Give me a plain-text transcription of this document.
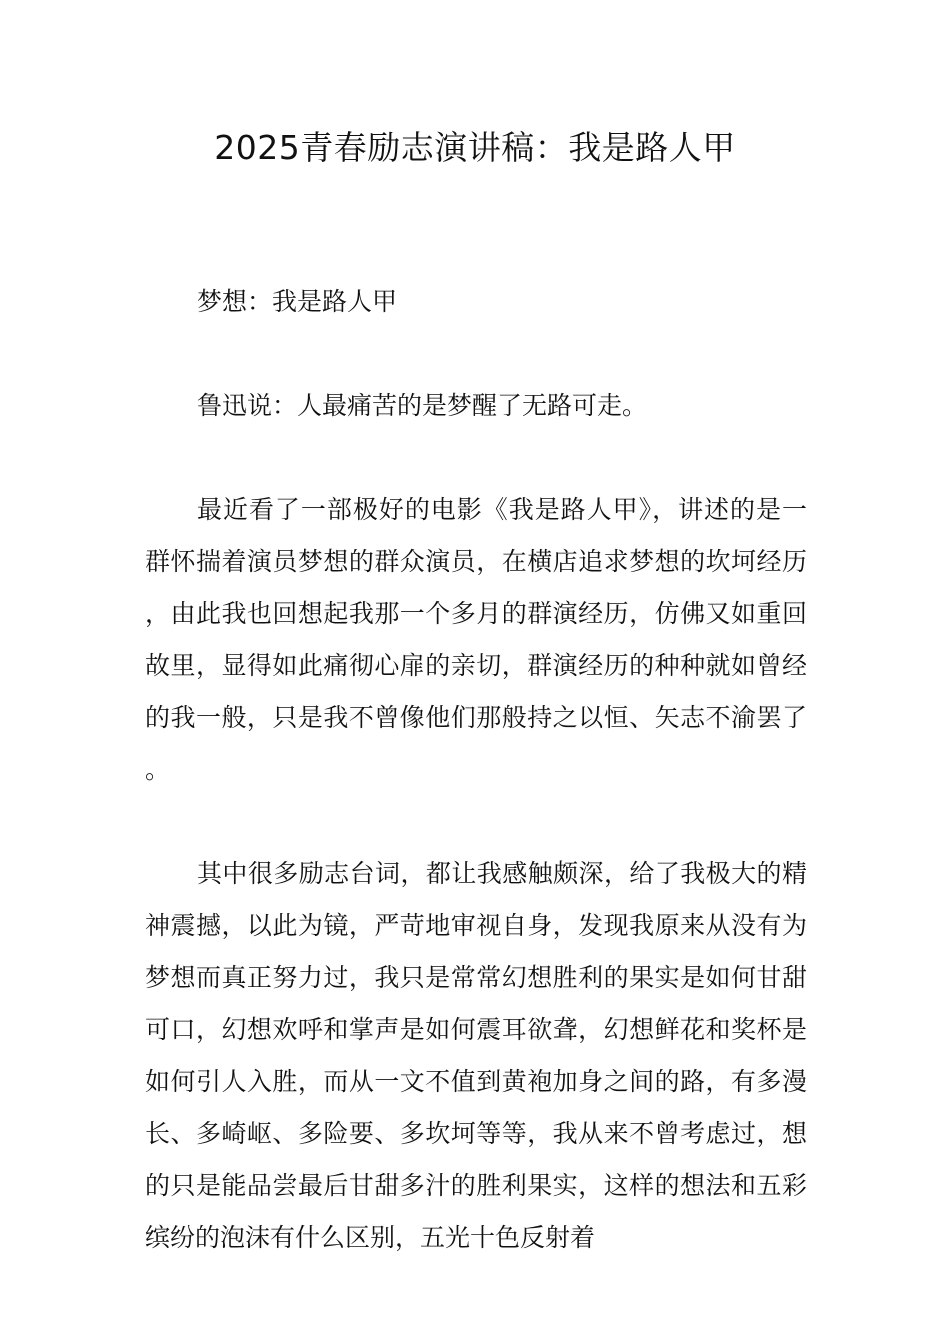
2025青春励志演讲稿：我是路人甲

梦想：我是路人甲

鲁迅说：人最痛苦的是梦醒了无路可走。

最近看了一部极好的电影《我是路人甲》，讲述的是一群怀揣着演员梦想的群众演员，在横店追求梦想的坎坷经历，由此我也回想起我那一个多月的群演经历，仿佛又如重回故里，显得如此痛彻心扉的亲切，群演经历的种种就如曾经的我一般，只是我不曾像他们那般持之以恒、矢志不渝罢了。

其中很多励志台词，都让我感触颇深，给了我极大的精神震撼，以此为镜，严苛地审视自身，发现我原来从没有为梦想而真正努力过，我只是常常幻想胜利的果实是如何甘甜可口，幻想欢呼和掌声是如何震耳欲聋，幻想鲜花和奖杯是如何引人入胜，而从一文不值到黄袍加身之间的路，有多漫长、多崎岖、多险要、多坎坷等等，我从来不曾考虑过，想的只是能品尝最后甘甜多汁的胜利果实，这样的想法和五彩缤纷的泡沫有什么区别，五光十色反射着
